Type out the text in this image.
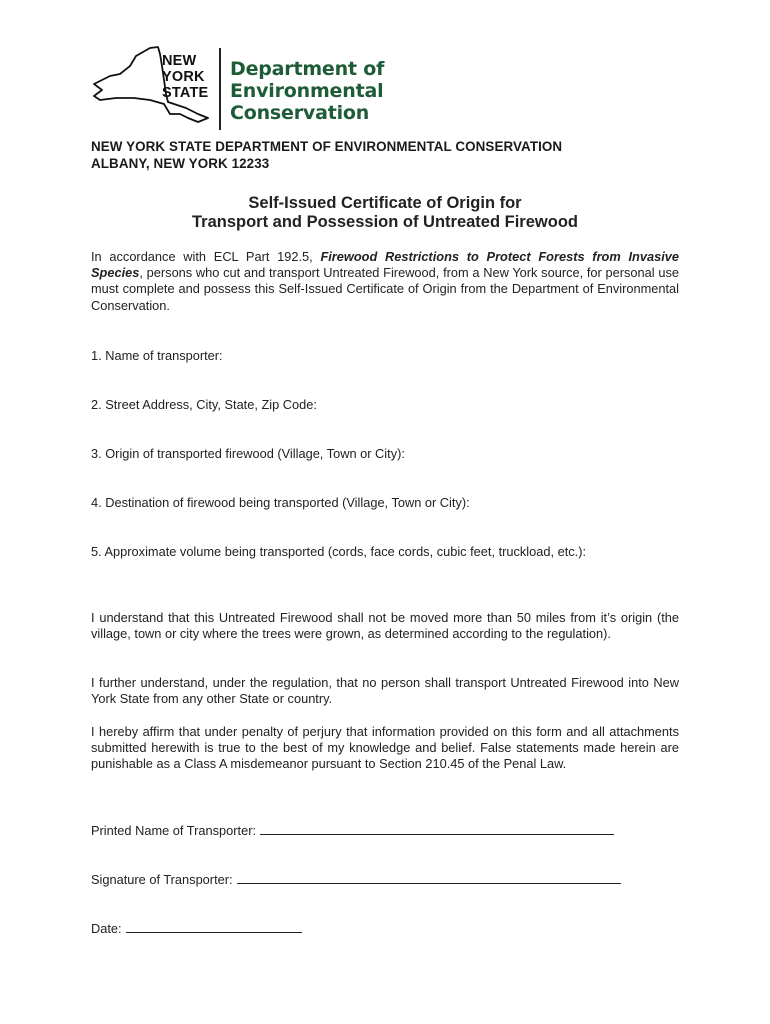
NEW
YORK
STATE
Department of
Environmental
Conservation
NEW YORK STATE DEPARTMENT OF ENVIRONMENTAL CONSERVATION
ALBANY, NEW YORK 12233
Self-Issued Certificate of Origin for
Transport and Possession of Untreated Firewood
In accordance with ECL Part 192.5, Firewood Restrictions to Protect Forests from Invasive Species, persons who cut and transport Untreated Firewood, from a New York source, for personal use must complete and possess this Self-Issued Certificate of Origin from the Department of Environmental Conservation.
1. Name of transporter:
2. Street Address, City, State, Zip Code:
3. Origin of transported firewood (Village, Town or City):
4. Destination of firewood being transported (Village, Town or City):
5. Approximate volume being transported (cords, face cords, cubic feet, truckload, etc.):
I understand that this Untreated Firewood shall not be moved more than 50 miles from it’s origin (the village, town or city where the trees were grown, as determined according to the regulation).
I further understand, under the regulation, that no person shall transport Untreated Firewood into New York State from any other State or country.
I hereby affirm that under penalty of perjury that information provided on this form and all attachments submitted herewith is true to the best of my knowledge and belief. False statements made herein are punishable as a Class A misdemeanor pursuant to Section 210.45 of the Penal Law.
Printed Name of Transporter:
Signature of Transporter:
Date:
